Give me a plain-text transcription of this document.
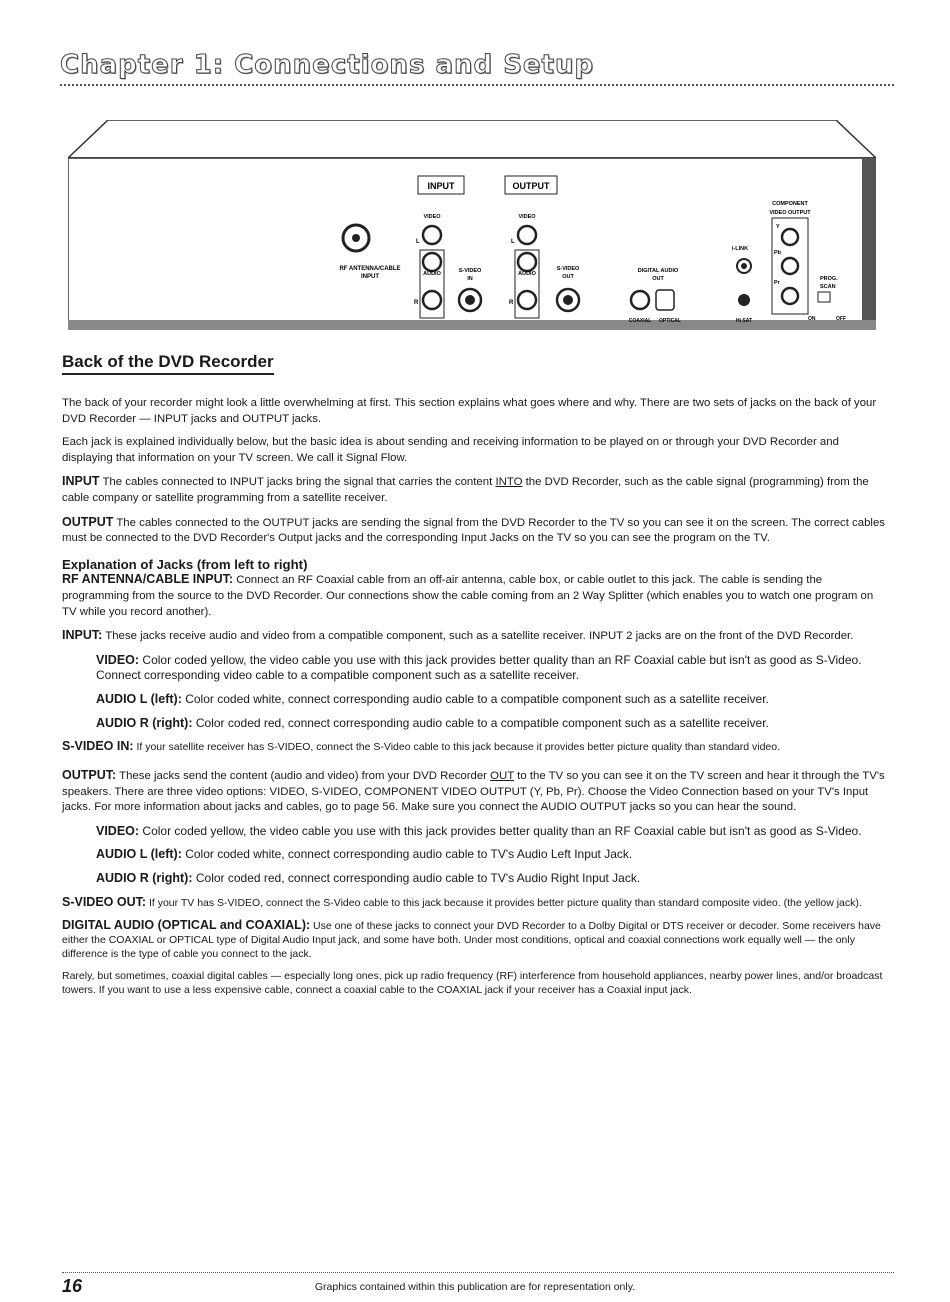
Chapter 1: Connections and Setup
RF ANTENNA/CABLE
INPUT
INPUT
VIDEO
L
AUDIO
R
S-VIDEO
IN
OUTPUT
VIDEO
L
AUDIO
R
S-VIDEO
OUT
DIGITAL AUDIO
OUT
COAXIAL OPTICAL
i-LINK
Hi SAT
COMPONENT
VIDEO OUTPUT
Y
Pb
Pr
PROG.
SCAN
ON	OFF
Back of the DVD Recorder

The back of your recorder might look a little overwhelming at first. This section explains what goes where and why. There are two sets of jacks on the back of your DVD Recorder — INPUT jacks and OUTPUT jacks.

Each jack is explained individually below, but the basic idea is about sending and receiving information to be played on or through your DVD Recorder and displaying that information on your TV screen. We call it Signal Flow.

INPUT The cables connected to INPUT jacks bring the signal that carries the content INTO the DVD Recorder, such as the cable signal (programming) from the cable company or satellite programming from a satellite receiver.

OUTPUT The cables connected to the OUTPUT jacks are sending the signal from the DVD Recorder to the TV so you can see it on the screen. The correct cables must be connected to the DVD Recorder's Output jacks and the corresponding Input Jacks on the TV so you can see the program on the TV.

Explanation of Jacks (from left to right)

RF ANTENNA/CABLE INPUT: Connect an RF Coaxial cable from an off-air antenna, cable box, or cable outlet to this jack. The cable is sending the programming from the source to the DVD Recorder. Our connections show the cable coming from an 2 Way Splitter (which enables you to watch one program on TV while you record another).

INPUT: These jacks receive audio and video from a compatible component, such as a satellite receiver. INPUT 2 jacks are on the front of the DVD Recorder.

VIDEO: Color coded yellow, the video cable you use with this jack provides better quality than an RF Coaxial cable but isn't as good as S-Video. Connect corresponding video cable to a compatible component such as a satellite receiver.

AUDIO L (left): Color coded white, connect corresponding audio cable to a compatible component such as a satellite receiver.

AUDIO R (right): Color coded red, connect corresponding audio cable to a compatible component such as a satellite receiver.

S-VIDEO IN: If your satellite receiver has S-VIDEO, connect the S-Video cable to this jack because it provides better picture quality than standard video.

OUTPUT: These jacks send the content (audio and video) from your DVD Recorder OUT to the TV so you can see it on the TV screen and hear it through the TV's speakers. There are three video options: VIDEO, S-VIDEO, COMPONENT VIDEO OUTPUT (Y, Pb, Pr). Choose the Video Connection based on your TV's Input jacks. For more information about jacks and cables, go to page 56. Make sure you connect the AUDIO OUTPUT jacks so you can hear the sound.

VIDEO: Color coded yellow, the video cable you use with this jack provides better quality than an RF Coaxial cable but isn't as good as S-Video.

AUDIO L (left): Color coded white, connect corresponding audio cable to TV's Audio Left Input Jack.

AUDIO R (right): Color coded red, connect corresponding audio cable to TV's Audio Right Input Jack.

S-VIDEO OUT: If your TV has S-VIDEO, connect the S-Video cable to this jack because it provides better picture quality than standard composite video. (the yellow jack).

DIGITAL AUDIO (OPTICAL and COAXIAL): Use one of these jacks to connect your DVD Recorder to a Dolby Digital or DTS receiver or decoder. Some receivers have either the COAXIAL or OPTICAL type of Digital Audio Input jack, and some have both. Under most conditions, optical and coaxial connections work equally well — the only difference is the type of cable you connect to the jack.

Rarely, but sometimes, coaxial digital cables — especially long ones, pick up radio frequency (RF) interference from household appliances, nearby power lines, and/or broadcast towers. If you want to use a less expensive cable, connect a coaxial cable to the COAXIAL jack if your receiver has a Coaxial input jack.

16	Graphics contained within this publication are for representation only.
